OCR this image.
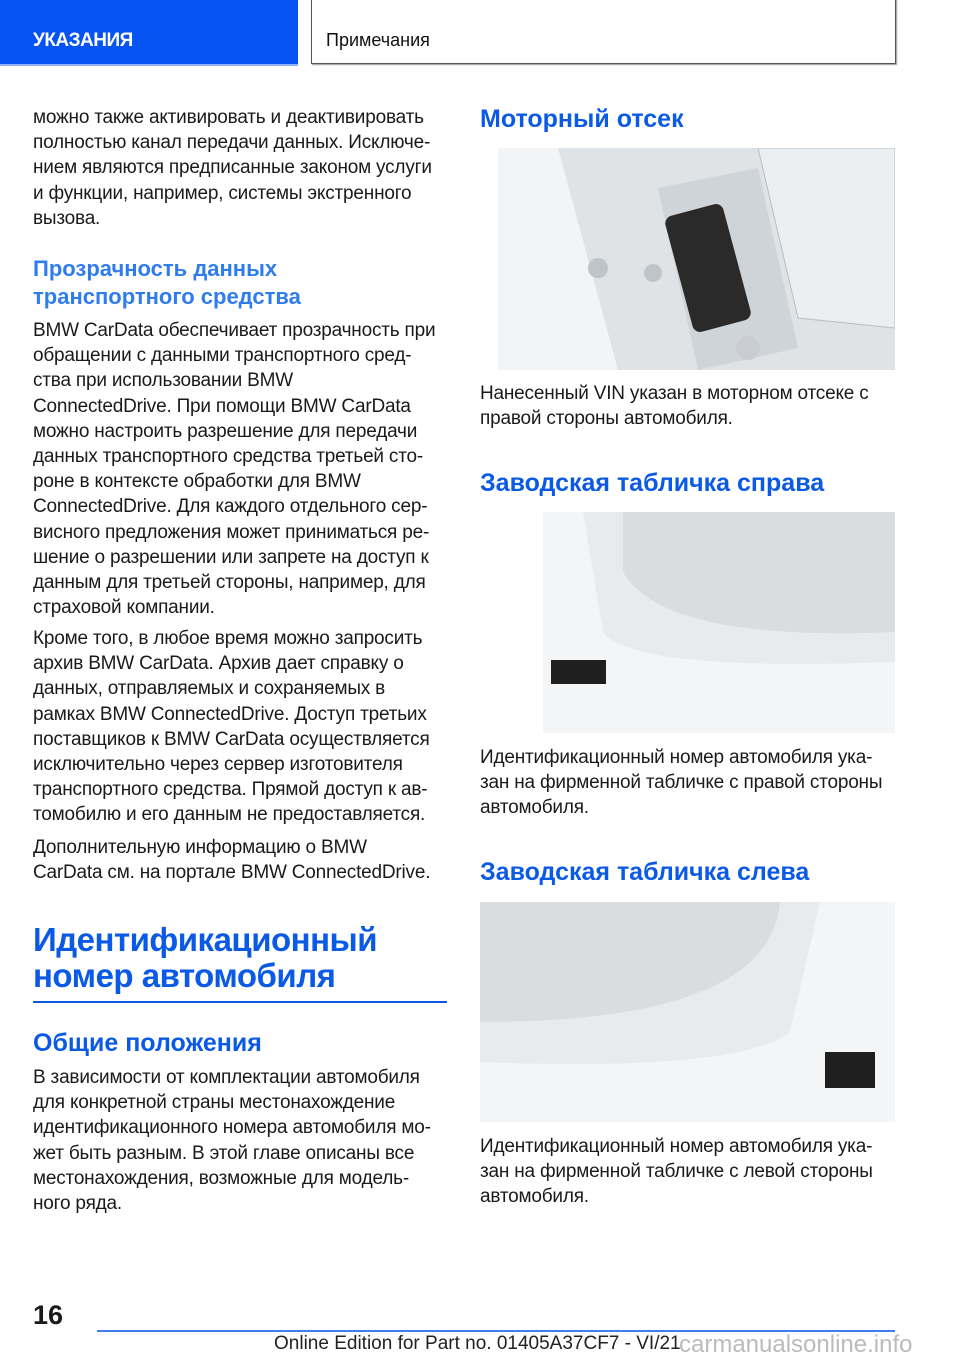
УКАЗАНИЯ	Примечания
можно также активировать и деактивировать
полностью канал передачи данных. Исключе-
нием являются предписанные законом услуги
и функции, например, системы экстренного
вызова.
Прозрачность данных
транспортного средства
BMW CarData обеспечивает прозрачность при
обращении с данными транспортного сред-
ства при использовании BMW
ConnectedDrive. При помощи BMW CarData
можно настроить разрешение для передачи
данных транспортного средства третьей сто-
роне в контексте обработки для BMW
ConnectedDrive. Для каждого отдельного сер-
висного предложения может приниматься ре-
шение о разрешении или запрете на доступ к
данным для третьей стороны, например, для
страховой компании.
Кроме того, в любое время можно запросить
архив BMW CarData. Архив дает справку о
данных, отправляемых и сохраняемых в
рамках BMW ConnectedDrive. Доступ третьих
поставщиков к BMW CarData осуществляется
исключительно через сервер изготовителя
транспортного средства. Прямой доступ к ав-
томобилю и его данным не предоставляется.
Дополнительную информацию о BMW
CarData см. на портале BMW ConnectedDrive.
Идентификационный
номер автомобиля
Общие положения
В зависимости от комплектации автомобиля
для конкретной страны местонахождение
идентификационного номера автомобиля мо-
жет быть разным. В этой главе описаны все
местонахождения, возможные для модель-
ного ряда.
Моторный отсек
Нанесенный VIN указан в моторном отсеке с
правой стороны автомобиля.
Заводская табличка справа
Идентификационный номер автомобиля ука-
зан на фирменной табличке с правой стороны
автомобиля.
Заводская табличка слева
Идентификационный номер автомобиля ука-
зан на фирменной табличке с левой стороны
автомобиля.
16
Online Edition for Part no. 01405A37CF7 - VI/21
carmanualsonline.info
